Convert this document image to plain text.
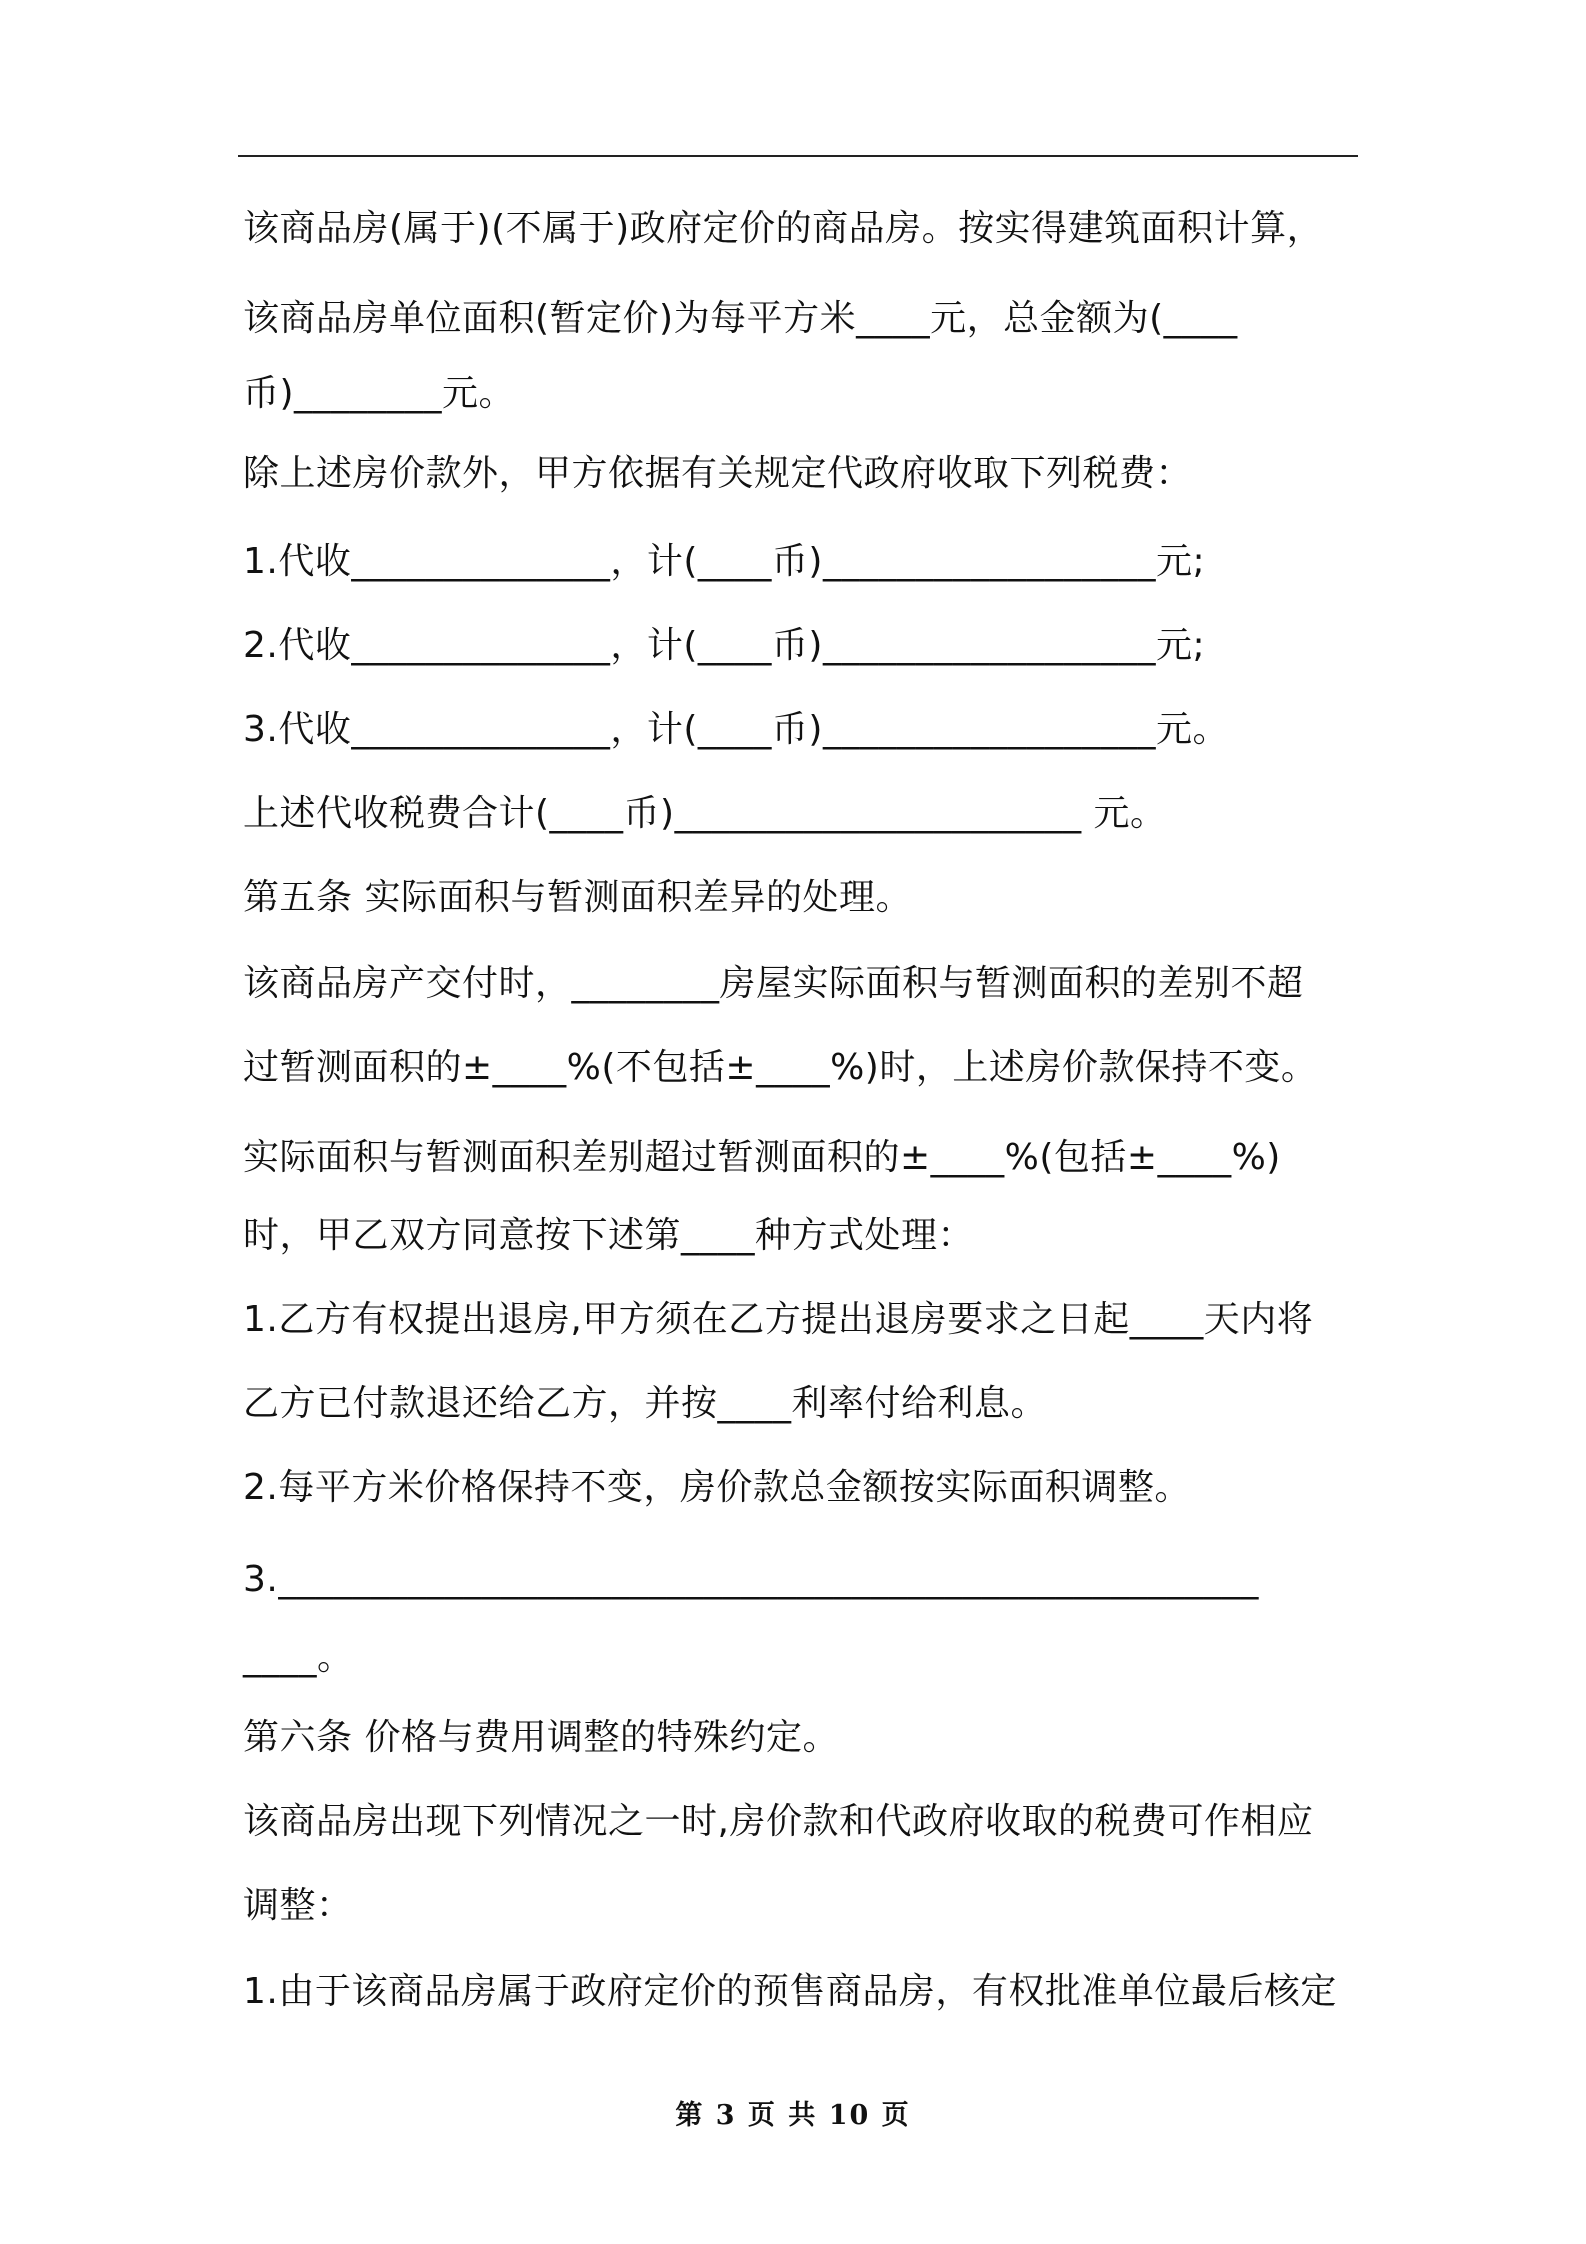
该商品房(属于)(不属于)政府定价的商品房。按实得建筑面积计算，
该商品房单位面积(暂定价)为每平方米____元，总金额为(____
币)________元。
除上述房价款外，甲方依据有关规定代政府收取下列税费：
1.代收______________，计(____币)__________________元;
2.代收______________，计(____币)__________________元;
3.代收______________，计(____币)__________________元。
上述代收税费合计(____币)______________________ 元。
第五条 实际面积与暂测面积差异的处理。
该商品房产交付时，________房屋实际面积与暂测面积的差别不超
过暂测面积的±____%(不包括±____%)时，上述房价款保持不变。
实际面积与暂测面积差别超过暂测面积的±____%(包括±____%)
时，甲乙双方同意按下述第____种方式处理：
1.乙方有权提出退房,甲方须在乙方提出退房要求之日起____天内将
乙方已付款退还给乙方，并按____利率付给利息。
2.每平方米价格保持不变，房价款总金额按实际面积调整。
3._____________________________________________________
____。
第六条 价格与费用调整的特殊约定。
该商品房出现下列情况之一时,房价款和代政府收取的税费可作相应
调整：
1.由于该商品房属于政府定价的预售商品房，有权批准单位最后核定
第 3 页 共 10 页
